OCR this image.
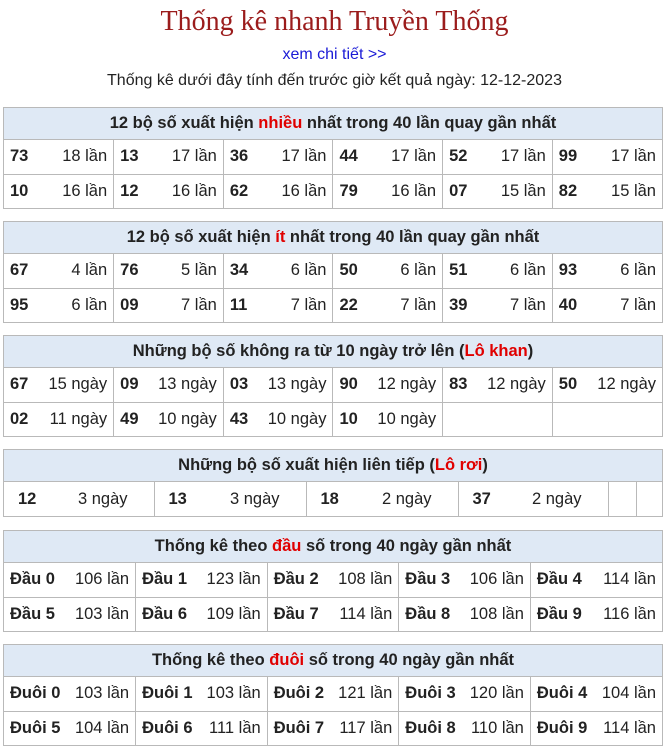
Thống kê nhanh Truyền Thống
xem chi tiết >>
Thống kê dưới đây tính đến trước giờ kết quả ngày: 12-12-2023
12 bộ số xuất hiện nhiều nhất trong 40 lần quay gần nhất
73 18 lần	13 17 lần	36 17 lần	44 17 lần	52 17 lần	99 17 lần

10 16 lần	12 16 lần	62 16 lần	79 16 lần	07 15 lần	82 15 lần
12 bộ số xuất hiện ít nhất trong 40 lần quay gần nhất
67 4 lần	76 5 lần	34 6 lần	50 6 lần	51 6 lần	93 6 lần

95 6 lần	09 7 lần	11 7 lần	22 7 lần	39 7 lần	40 7 lần
Những bộ số không ra từ 10 ngày trở lên (Lô khan)
67 15 ngày	09 13 ngày	03 13 ngày	90 12 ngày	83 12 ngày	50 12 ngày

02 11 ngày	49 10 ngày	43 10 ngày	10 10 ngày		

Những bộ số xuất hiện liên tiếp (Lô rơi)
12	3 ngày	13	3 ngày	18	2 ngày	37 2 ngày

Thống kê theo đầu số trong 40 ngày gần nhất
Đầu 0 106 lần	Đầu 1 123 lần	Đầu 2 108 lần	Đầu 3 106 lần	Đầu 4 114 lần

Đầu 5 103 lần	Đầu 6 109 lần	Đầu 7 114 lần	Đầu 8 108 lần	Đầu 9 116 lần
Thống kê theo đuôi số trong 40 ngày gần nhất
Đuôi 0 103 lần	Đuôi 1 103 lần	Đuôi 2 121 lần	Đuôi 3 120 lần	Đuôi 4 104 lần

Đuôi 5 104 lần	Đuôi 6 111 lần	Đuôi 7 117 lần	Đuôi 8 110 lần	Đuôi 9 114 lần
